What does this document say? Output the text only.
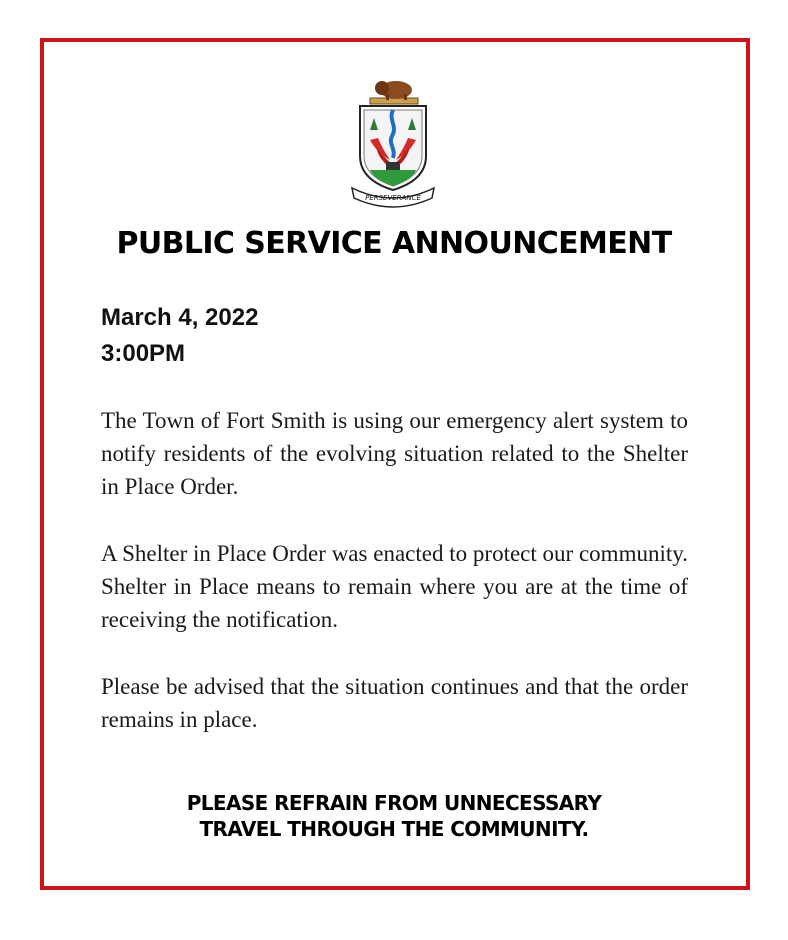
PERSEVERANCE
PUBLIC SERVICE ANNOUNCEMENT

March 4, 2022

3:00PM

The Town of Fort Smith is using our emergency alert system to notify residents of the evolving situation related to the Shelter in Place Order.

A Shelter in Place Order was enacted to protect our community. Shelter in Place means to remain where you are at the time of receiving the notification.

Please be advised that the situation continues and that the order remains in place.

PLEASE REFRAIN FROM UNNECESSARY
TRAVEL THROUGH THE COMMUNITY.
